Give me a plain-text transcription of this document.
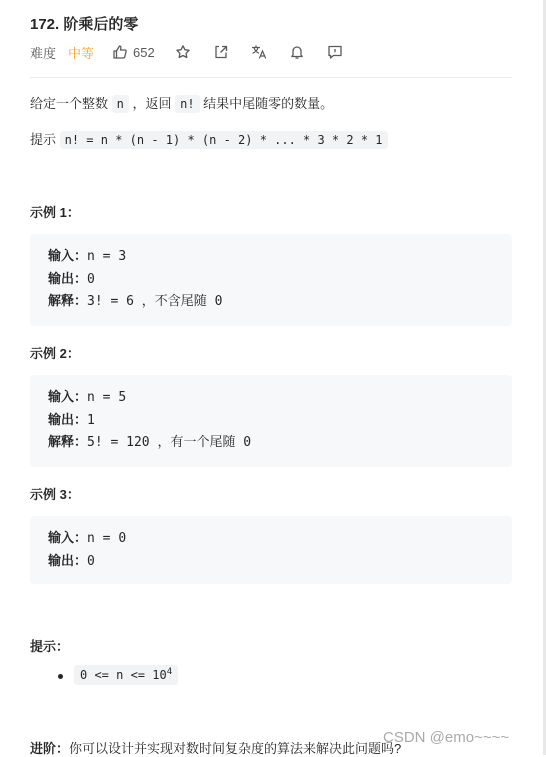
172. 阶乘后的零
难度 中等	652
给定一个整数 n ，返回 n! 结果中尾随零的数量。
提示 n! = n * (n - 1) * (n - 2) * ... * 3 * 2 * 1
示例 1：
输入：n = 3
输出：0
解释：3! = 6 ，不含尾随 0
示例 2：
输入：n = 5
输出：1
解释：5! = 120 ，有一个尾随 0
示例 3：
输入：n = 0
输出：0
提示：
$0 <= n <= 10^4$
进阶：你可以设计并实现对数时间复杂度的算法来解决此问题吗?
CSDN @emo~~~~
